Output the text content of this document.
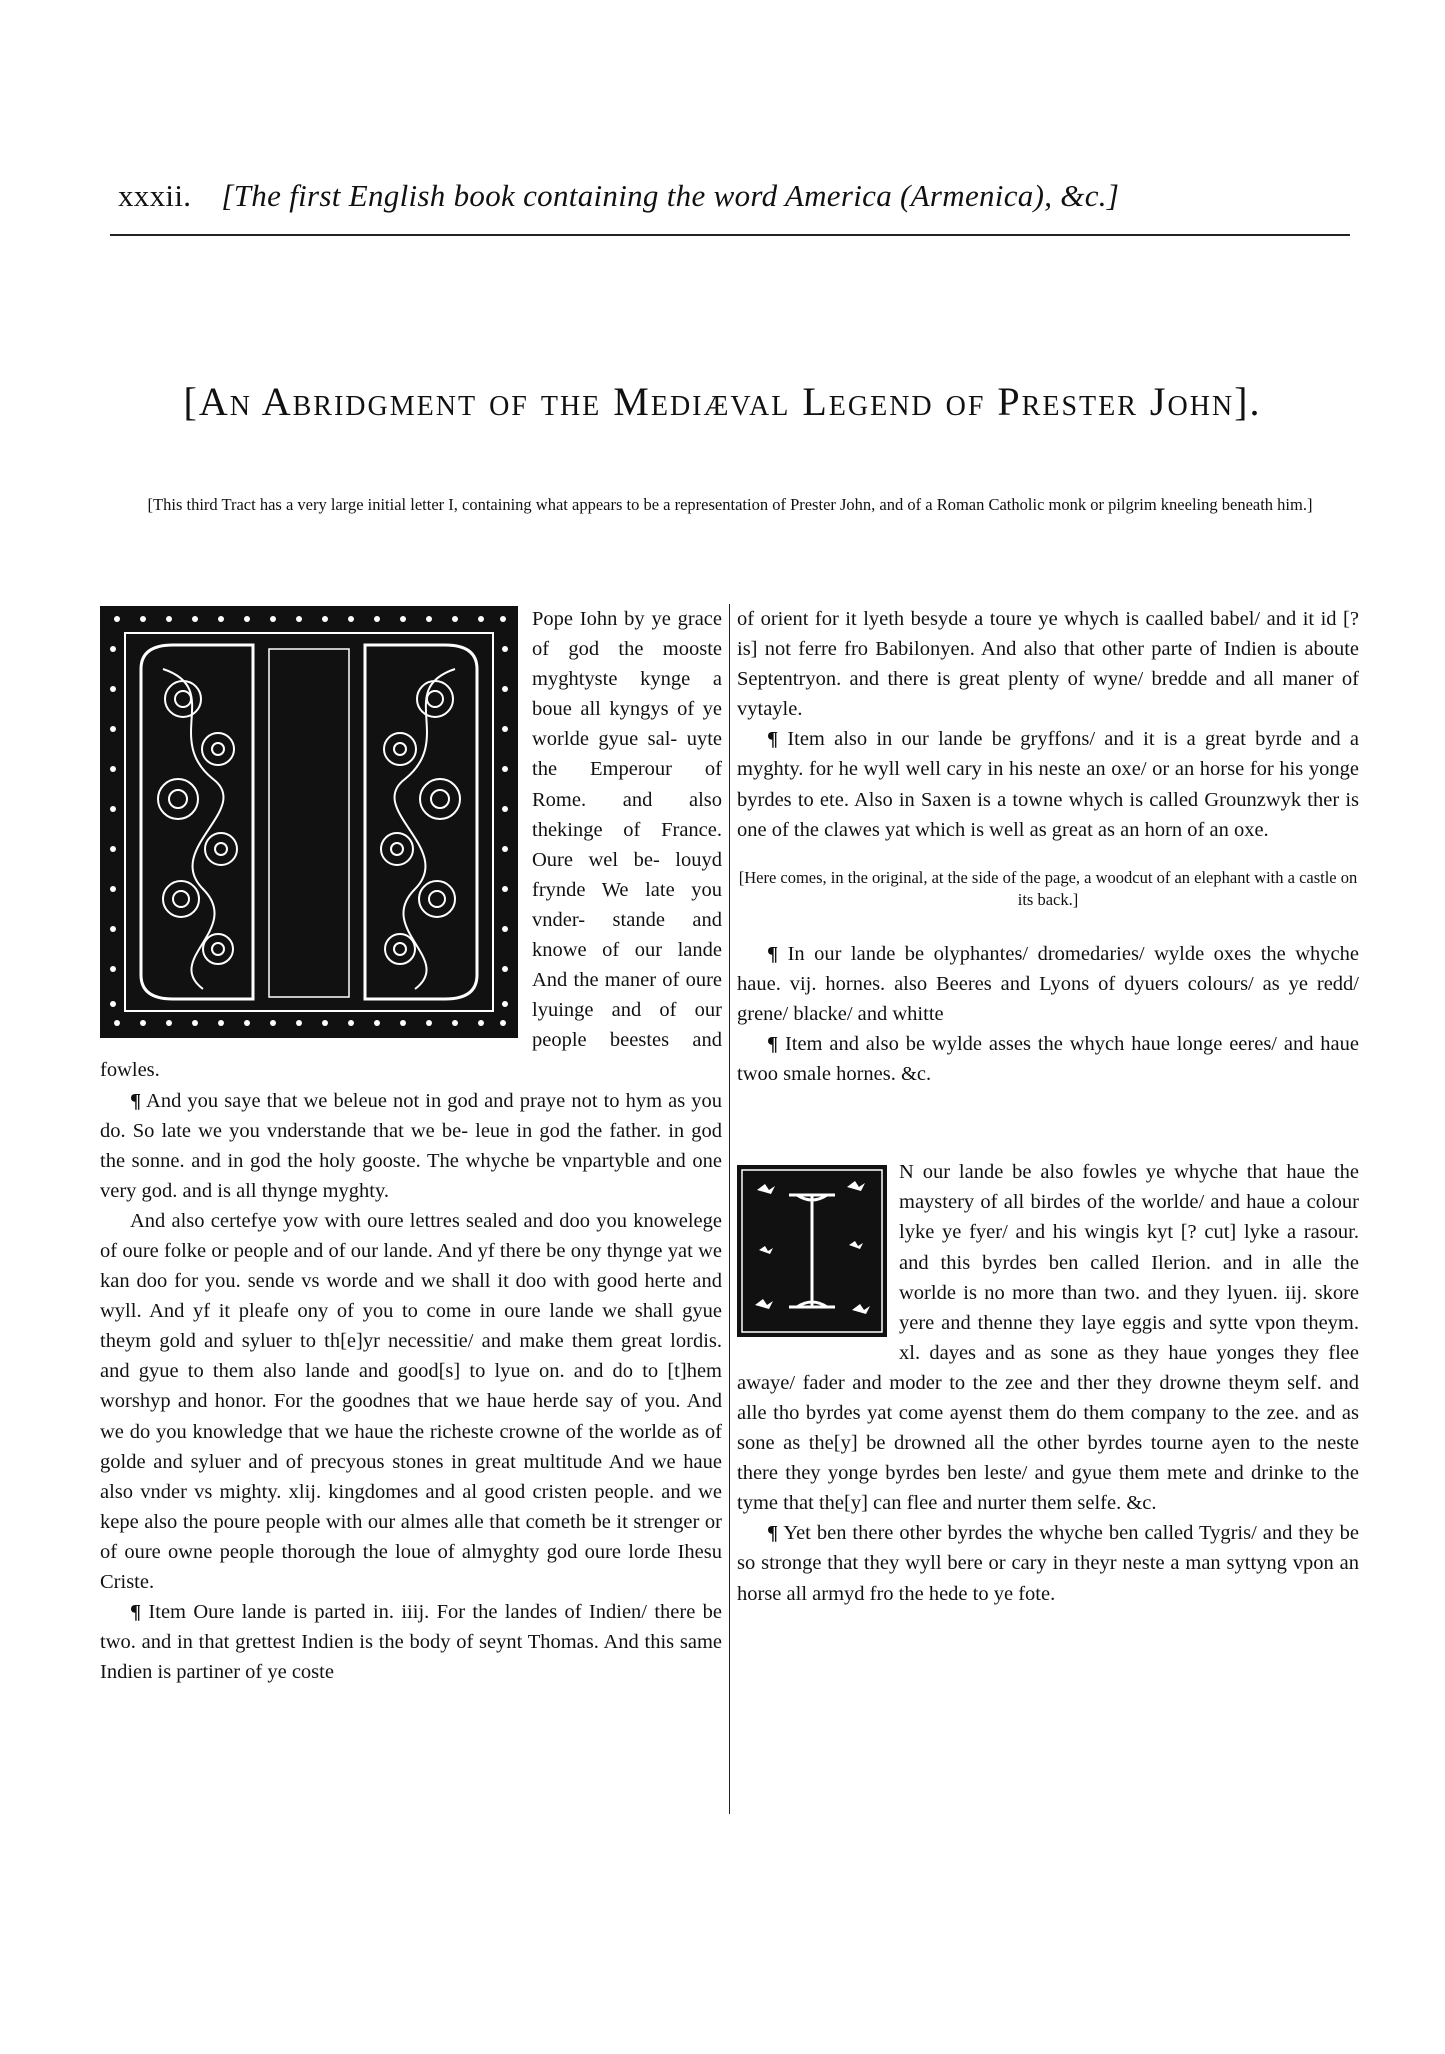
xxxii. [The first English book containing the word America (Armenica), &c.]
[An Abridgment of the Mediæval Legend of Prester John].
[This third Tract has a very large initial letter I, containing what appears to be a representation of Prester John, and of a Roman Catholic monk or pilgrim kneeling beneath him.]

Pope Iohn by ye grace of god the mooste myghtyste kynge a boue all kyngys of ye worlde gyue sal- uyte the Emperour of Rome. and also thekinge of France. Oure wel be- louyd frynde We late you vnder- stande and knowe of our lande And the maner of oure lyuinge and of our people beestes and fowles.

¶ And you saye that we beleue not in god and praye not to hym as you do. So late we you vnderstande that we be- leue in god the father. in god the sonne. and in god the holy gooste. The whyche be vnpartyble and one very god. and is all thynge myghty.

And also certefye yow with oure lettres sealed and doo you knowelege of oure folke or people and of our lande. And yf there be ony thynge yat we kan doo for you. sende vs worde and we shall it doo with good herte and wyll. And yf it pleafe ony of you to come in oure lande we shall gyue theym gold and syluer to th[e]yr necessitie/ and make them great lordis. and gyue to them also lande and good[s] to lyue on. and do to [t]hem worshyp and honor. For the goodnes that we haue herde say of you. And we do you knowledge that we haue the richeste crowne of the worlde as of golde and syluer and of precyous stones in great multitude And we haue also vnder vs mighty. xlij. kingdomes and al good cristen people. and we kepe also the poure people with our almes alle that cometh be it strenger or of oure owne people thorough the loue of almyghty god oure lorde Ihesu Criste.

¶ Item Oure lande is parted in. iiij. For the landes of Indien/ there be two. and in that grettest Indien is the body of seynt Thomas. And this same Indien is partiner of ye coste

of orient for it lyeth besyde a toure ye whych is caalled babel/ and it id [? is] not ferre fro Babilonyen. And also that other parte of Indien is aboute Septentryon. and there is great plenty of wyne/ bredde and all maner of vytayle.

¶ Item also in our lande be gryffons/ and it is a great byrde and a myghty. for he wyll well cary in his neste an oxe/ or an horse for his yonge byrdes to ete. Also in Saxen is a towne whych is called Grounzwyk ther is one of the clawes yat which is well as great as an horn of an oxe.

[Here comes, in the original, at the side of the page, a woodcut of an elephant with a castle on its back.]

¶ In our lande be olyphantes/ dromedaries/ wylde oxes the whyche haue. vij. hornes. also Beeres and Lyons of dyuers colours/ as ye redd/ grene/ blacke/ and whitte

¶ Item and also be wylde asses the whych haue longe eeres/ and haue twoo smale hornes. &c.

N our lande be also fowles ye whyche that haue the maystery of all birdes of the worlde/ and haue a colour lyke ye fyer/ and his wingis kyt [? cut] lyke a rasour. and this byrdes ben called Ilerion. and in alle the worlde is no more than two. and they lyuen. iij. skore yere and thenne they laye eggis and sytte vpon theym. xl. dayes and as sone as they haue yonges they flee awaye/ fader and moder to the zee and ther they drowne theym self. and alle tho byrdes yat come ayenst them do them company to the zee. and as sone as the[y] be drowned all the other byrdes tourne ayen to the neste there they yonge byrdes ben leste/ and gyue them mete and drinke to the tyme that the[y] can flee and nurter them selfe. &c.

¶ Yet ben there other byrdes the whyche ben called Tygris/ and they be so stronge that they wyll bere or cary in theyr neste a man syttyng vpon an horse all armyd fro the hede to ye fote.
